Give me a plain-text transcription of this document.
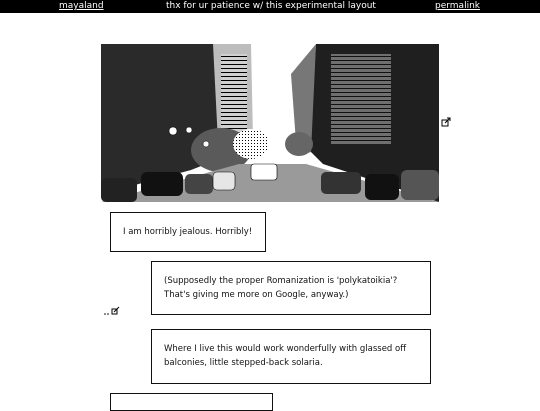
mayaland	thx for ur patience w/ this experimental layout	permalink
I am horribly jealous. Horribly!
(Supposedly the proper Romanization is 'polykatoikia'? That's giving me more on Google, anyway.)
Where I live this would work wonderfully with glassed off balconies, little stepped-back solaria.
